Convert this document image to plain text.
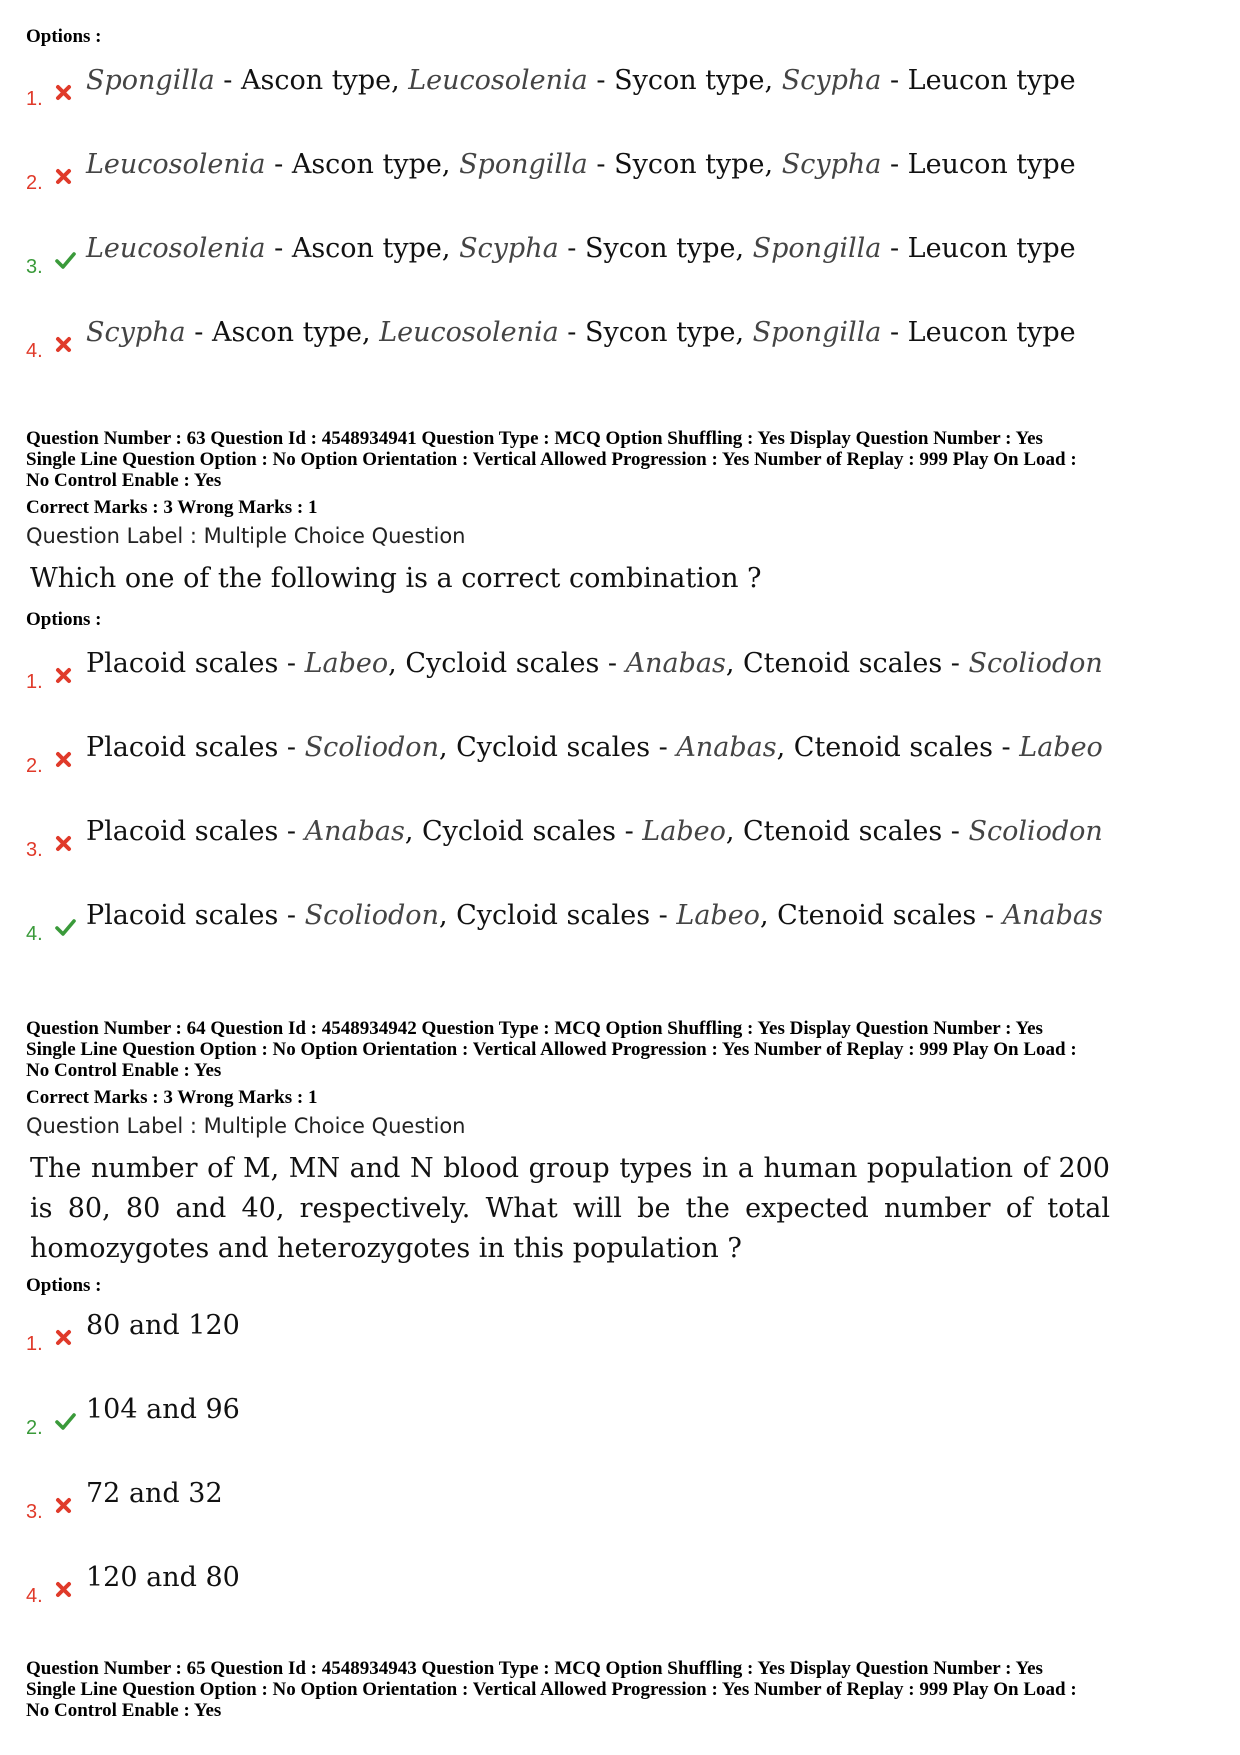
Options :
1.
Spongilla - Ascon type, Leucosolenia - Sycon type, Scypha - Leucon type
2.
Leucosolenia - Ascon type, Spongilla - Sycon type, Scypha - Leucon type
3.
Leucosolenia - Ascon type, Scypha - Sycon type, Spongilla - Leucon type
4.
Scypha - Ascon type, Leucosolenia - Sycon type, Spongilla - Leucon type
Question Number : 63 Question Id : 4548934941 Question Type : MCQ Option Shuffling : Yes Display Question Number : Yes
Single Line Question Option : No Option Orientation : Vertical Allowed Progression : Yes Number of Replay : 999 Play On Load :
No Control Enable : Yes
Correct Marks : 3 Wrong Marks : 1
Question Label : Multiple Choice Question
Which one of the following is a correct combination ?
Options :
1.
Placoid scales - Labeo, Cycloid scales - Anabas, Ctenoid scales - Scoliodon
2.
Placoid scales - Scoliodon, Cycloid scales - Anabas, Ctenoid scales - Labeo
3.
Placoid scales - Anabas, Cycloid scales - Labeo, Ctenoid scales - Scoliodon
4.
Placoid scales - Scoliodon, Cycloid scales - Labeo, Ctenoid scales - Anabas
Question Number : 64 Question Id : 4548934942 Question Type : MCQ Option Shuffling : Yes Display Question Number : Yes
Single Line Question Option : No Option Orientation : Vertical Allowed Progression : Yes Number of Replay : 999 Play On Load :
No Control Enable : Yes
Correct Marks : 3 Wrong Marks : 1
Question Label : Multiple Choice Question
The number of M, MN and N blood group types in a human population of 200 is 80, 80 and 40, respectively. What will be the expected number of total homozygotes and heterozygotes in this population ?
Options :
1.
80 and 120
2.
104 and 96
3.
72 and 32
4.
120 and 80
Question Number : 65 Question Id : 4548934943 Question Type : MCQ Option Shuffling : Yes Display Question Number : Yes
Single Line Question Option : No Option Orientation : Vertical Allowed Progression : Yes Number of Replay : 999 Play On Load :
No Control Enable : Yes
